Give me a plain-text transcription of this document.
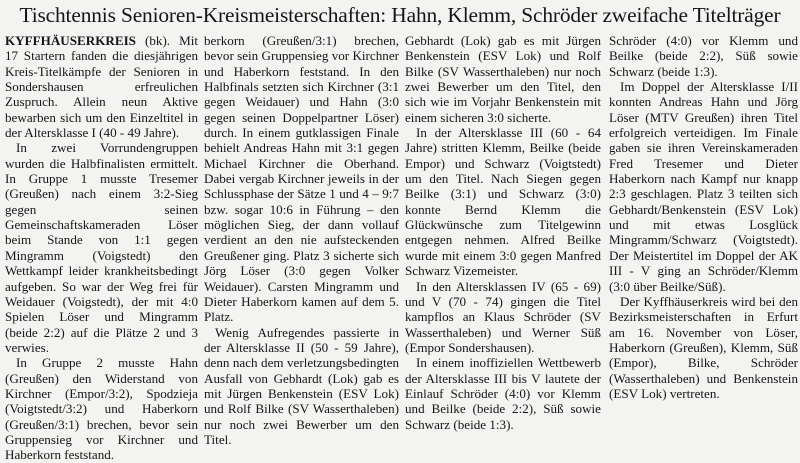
Tischtennis Senioren-Kreismeisterschaften: Hahn, Klemm, Schröder zweifache Titelträger

KYFFHÄUSERKREIS (bk). Mit 17 Startern fanden die diesjährigen Kreis-Titelkämpfe der Senioren in Sondershausen erfreulichen Zuspruch. Allein neun Aktive bewarben sich um den Einzeltitel in der Altersklasse I (40 - 49 Jahre).

In zwei Vorrundengruppen wurden die Halbfinalisten ermittelt. In Gruppe 1 musste Tresemer (Greußen) nach einem 3:2-Sieg gegen seinen Gemeinschaftskameraden Löser beim Stande von 1:1 gegen Mingramm (Voigstedt) den Wettkampf leider krankheitsbedingt aufgeben. So war der Weg frei für Weidauer (Voigstedt), der mit 4:0 Spielen Löser und Mingramm (beide 2:2) auf die Plätze 2 und 3 verwies.

In Gruppe 2 musste Hahn (Greußen) den Widerstand von Kirchner (Empor/3:2), Spodzieja (Voigtstedt/3:2) und Haberkorn (Greußen/3:1) brechen, bevor sein Gruppensieg vor Kirchner und Haberkorn feststand.

berkorn (Greußen/3:1) brechen, bevor sein Gruppensieg vor Kirchner und Haberkorn feststand. In den Halbfinals setzten sich Kirchner (3:1 gegen Weidauer) und Hahn (3:0 gegen seinen Doppelpartner Löser) durch. In einem gutklassigen Finale behielt Andreas Hahn mit 3:1 gegen Michael Kirchner die Oberhand. Dabei vergab Kirchner jeweils in der Schlussphase der Sätze 1 und 4 – 9:7 bzw. sogar 10:6 in Führung – den möglichen Sieg, der dann vollauf verdient an den nie aufsteckenden Greußener ging. Platz 3 sicherte sich Jörg Löser (3:0 gegen Volker Weidauer). Carsten Mingramm und Dieter Haberkorn kamen auf dem 5. Platz.

Wenig Aufregendes passierte in der Altersklasse II (50 - 59 Jahre), denn nach dem verletzungsbedingten Ausfall von Gebhardt (Lok) gab es mit Jürgen Benkenstein (ESV Lok) und Rolf Bilke (SV Wasserthaleben) nur noch zwei Bewerber um den Titel.

Gebhardt (Lok) gab es mit Jürgen Benkenstein (ESV Lok) und Rolf Bilke (SV Wasserthaleben) nur noch zwei Bewerber um den Titel, den sich wie im Vorjahr Benkenstein mit einem sicheren 3:0 sicherte.

In der Altersklasse III (60 - 64 Jahre) stritten Klemm, Beilke (beide Empor) und Schwarz (Voigtstedt) um den Titel. Nach Siegen gegen Beilke (3:1) und Schwarz (3:0) konnte Bernd Klemm die Glückwünsche zum Titelgewinn entgegen nehmen. Alfred Beilke wurde mit einem 3:0 gegen Manfred Schwarz Vizemeister.

In den Altersklassen IV (65 - 69) und V (70 - 74) gingen die Titel kampflos an Klaus Schröder (SV Wasserthaleben) und Werner Süß (Empor Sondershausen).

In einem inoffiziellen Wettbewerb der Altersklasse III bis V lautete der Einlauf Schröder (4:0) vor Klemm und Beilke (beide 2:2), Süß sowie Schwarz (beide 1:3).

Schröder (4:0) vor Klemm und Beilke (beide 2:2), Süß sowie Schwarz (beide 1:3).

Im Doppel der Altersklasse I/II konnten Andreas Hahn und Jörg Löser (MTV Greußen) ihren Titel erfolgreich verteidigen. Im Finale gaben sie ihren Vereinskameraden Fred Tresemer und Dieter Haberkorn nach Kampf nur knapp 2:3 geschlagen. Platz 3 teilten sich Gebhardt/Benkenstein (ESV Lok) und mit etwas Losglück Mingramm/Schwarz (Voigtstedt). Der Meistertitel im Doppel der AK III - V ging an Schröder/Klemm (3:0 über Beilke/Süß).

Der Kyffhäuserkreis wird bei den Bezirksmeisterschaften in Erfurt am 16. November von Löser, Haberkorn (Greußen), Klemm, Süß (Empor), Bilke, Schröder (Wasserthaleben) und Benkenstein (ESV Lok) vertreten.
